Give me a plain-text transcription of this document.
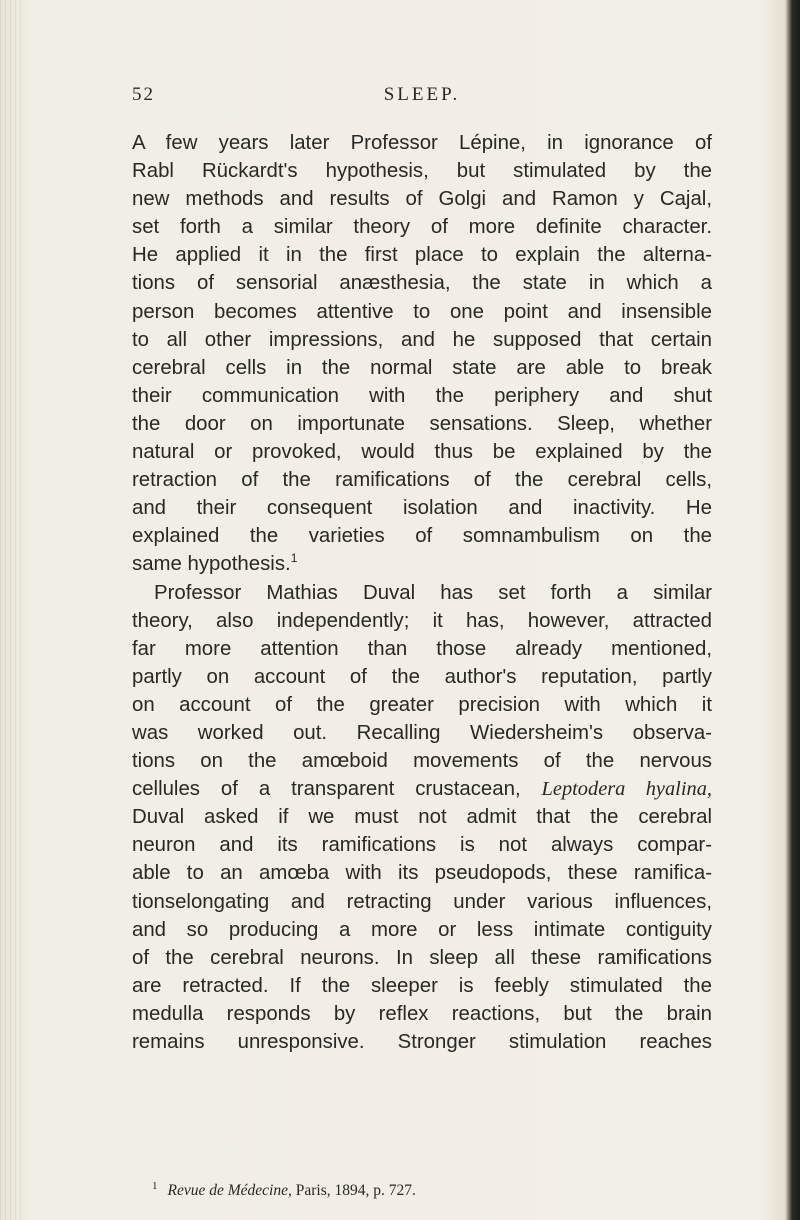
52	SLEEP.
A few years later Professor Lépine, in ignorance of
Rabl Rückardt's hypothesis, but stimulated by the
new methods and results of Golgi and Ramon y Cajal,
set forth a similar theory of more definite character.
He applied it in the first place to explain the alterna-
tions of sensorial anæsthesia, the state in which a
person becomes attentive to one point and insensible
to all other impressions, and he supposed that certain
cerebral cells in the normal state are able to break
their communication with the periphery and shut
the door on importunate sensations. Sleep, whether
natural or provoked, would thus be explained by the
retraction of the ramifications of the cerebral cells,
and their consequent isolation and inactivity. He
explained the varieties of somnambulism on the
same hypothesis.$^1$
Professor Mathias Duval has set forth a similar
theory, also independently; it has, however, attracted
far more attention than those already mentioned,
partly on account of the author's reputation, partly
on account of the greater precision with which it
was worked out. Recalling Wiedersheim's observa-
tions on the amœboid movements of the nervous
cellules of a transparent crustacean, Leptodera hyalina,
Duval asked if we must not admit that the cerebral
neuron and its ramifications is not always compar-
able to an amœba with its pseudopods, these ramifica-
tionselongating and retracting under various influences,
and so producing a more or less intimate contiguity
of the cerebral neurons. In sleep all these ramifications
are retracted. If the sleeper is feebly stimulated the
medulla responds by reflex reactions, but the brain
remains unresponsive. Stronger stimulation reaches
$^1$ Revue de Médecine, Paris, 1894, p. 727.
